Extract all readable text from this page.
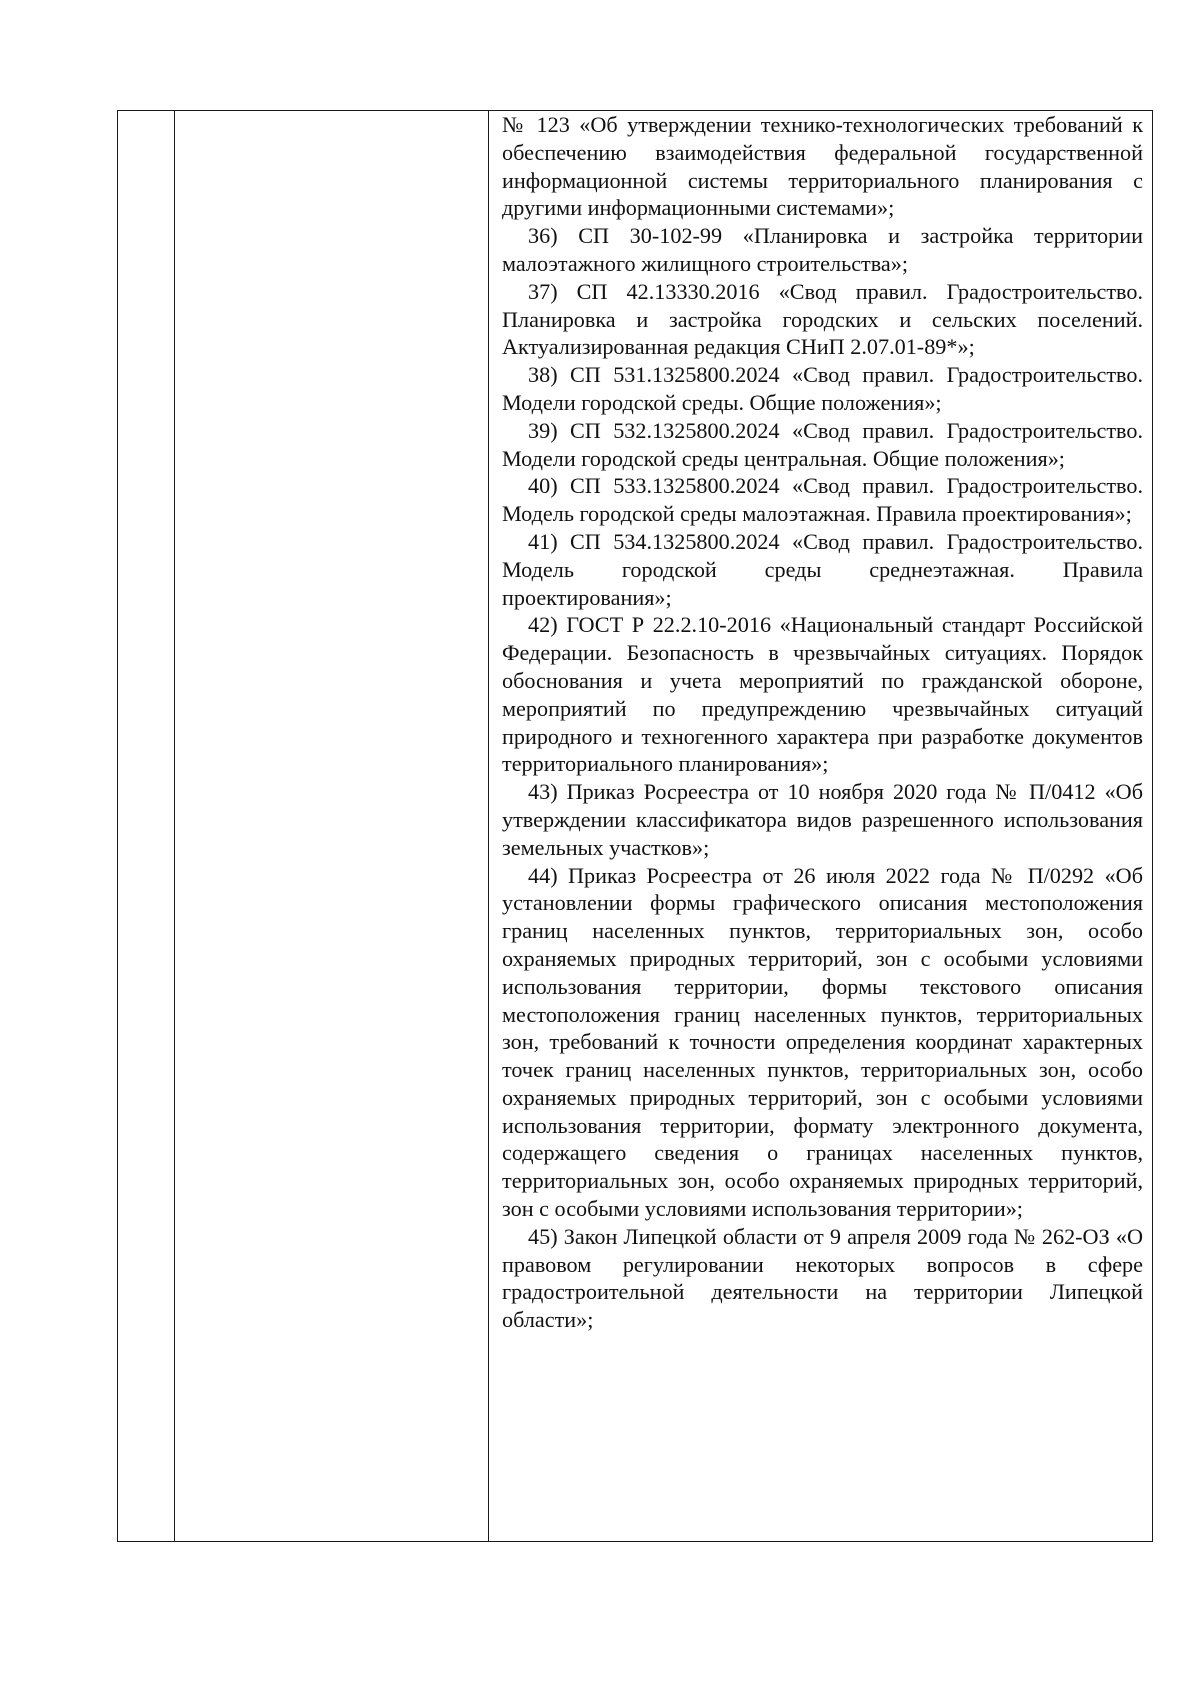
№ 123 «Об утверждении технико-технологических требований к обеспечению взаимодействия федеральной государственной информационной системы территориального планирования с другими информационными системами»;

36) СП 30-102-99 «Планировка и застройка территории малоэтажного жилищного строительства»;

37) СП 42.13330.2016 «Свод правил. Градостроительство. Планировка и застройка городских и сельских поселений. Актуализированная редакция СНиП 2.07.01-89*»;

38) СП 531.1325800.2024 «Свод правил. Градостроительство. Модели городской среды. Общие положения»;

39) СП 532.1325800.2024 «Свод правил. Градостроительство. Модели городской среды центральная. Общие положения»;

40) СП 533.1325800.2024 «Свод правил. Градостроительство. Модель городской среды малоэтажная. Правила проектирования»;

41) СП 534.1325800.2024 «Свод правил. Градостроительство. Модель городской среды среднеэтажная. Правила проектирования»;

42) ГОСТ Р 22.2.10-2016 «Национальный стандарт Российской Федерации. Безопасность в чрезвычайных ситуациях. Порядок обоснования и учета мероприятий по гражданской обороне, мероприятий по предупреждению чрезвычайных ситуаций природного и техногенного характера при разработке документов территориального планирования»;

43) Приказ Росреестра от 10 ноября 2020 года № П/0412 «Об утверждении классификатора видов разрешенного использования земельных участков»;

44) Приказ Росреестра от 26 июля 2022 года № П/0292 «Об установлении формы графического описания местоположения границ населенных пунктов, территориальных зон, особо охраняемых природных территорий, зон с особыми условиями использования территории, формы текстового описания местоположения границ населенных пунктов, территориальных зон, требований к точности определения координат характерных точек границ населенных пунктов, территориальных зон, особо охраняемых природных территорий, зон с особыми условиями использования территории, формату электронного документа, содержащего сведения о границах населенных пунктов, территориальных зон, особо охраняемых природных территорий, зон с особыми условиями использования территории»;

45) Закон Липецкой области от 9 апреля 2009 года № 262-ОЗ «О правовом регулировании некоторых вопросов в сфере градостроительной деятельности на территории Липецкой области»;
